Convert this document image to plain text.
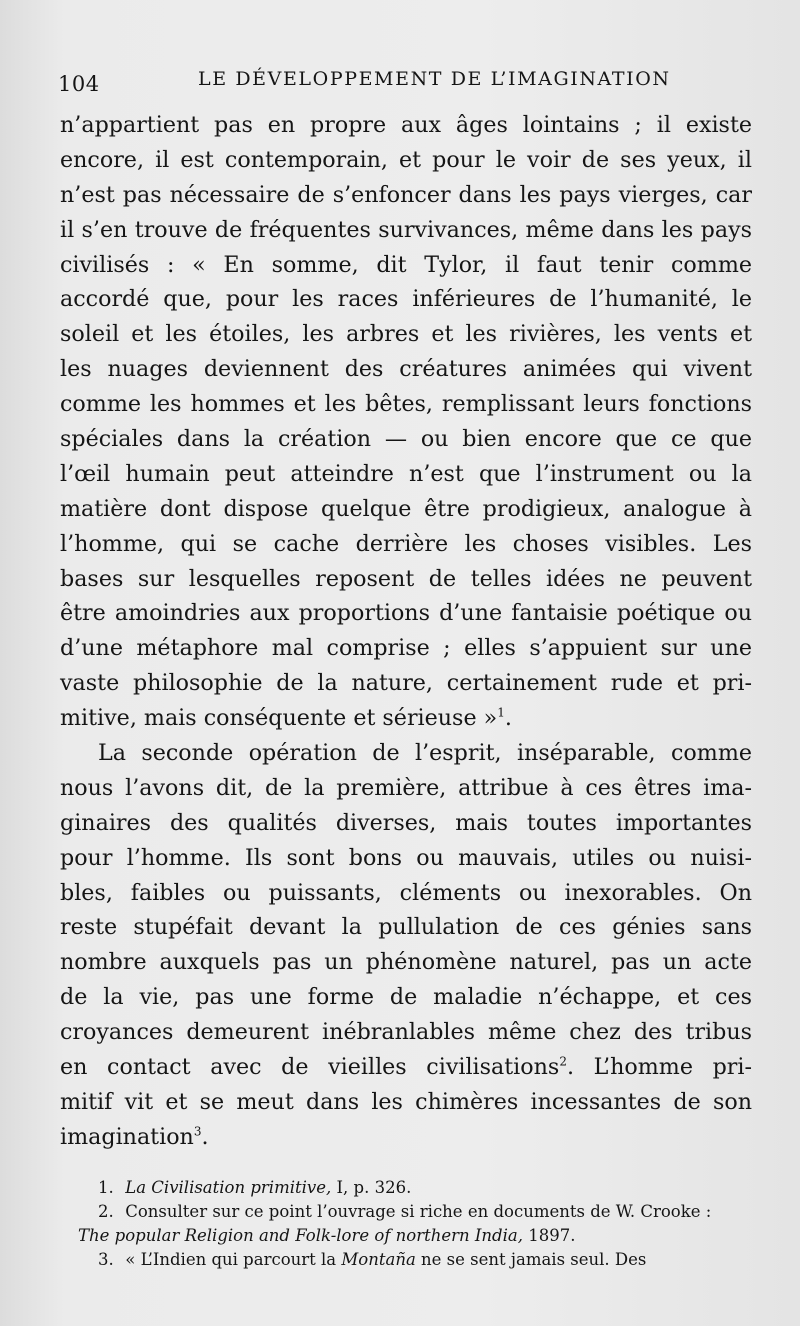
104	LE DÉVELOPPEMENT DE L’IMAGINATION
n’appartient pas en propre aux âges lointains ; il existe
encore, il est contemporain, et pour le voir de ses yeux, il
n’est pas nécessaire de s’enfoncer dans les pays vierges, car
il s’en trouve de fréquentes survivances, même dans les pays
civilisés : « En somme, dit Tylor, il faut tenir comme
accordé que, pour les races inférieures de l’humanité, le
soleil et les étoiles, les arbres et les rivières, les vents et
les nuages deviennent des créatures animées qui vivent
comme les hommes et les bêtes, remplissant leurs fonctions
spéciales dans la création — ou bien encore que ce que
l’œil humain peut atteindre n’est que l’instrument ou la
matière dont dispose quelque être prodigieux, analogue à
l’homme, qui se cache derrière les choses visibles. Les
bases sur lesquelles reposent de telles idées ne peuvent
être amoindries aux proportions d’une fantaisie poétique ou
d’une métaphore mal comprise ; elles s’appuient sur une
vaste philosophie de la nature, certainement rude et pri-
mitive, mais conséquente et sérieuse »$^1$.
La seconde opération de l’esprit, inséparable, comme
nous l’avons dit, de la première, attribue à ces êtres ima-
ginaires des qualités diverses, mais toutes importantes
pour l’homme. Ils sont bons ou mauvais, utiles ou nuisi-
bles, faibles ou puissants, cléments ou inexorables. On
reste stupéfait devant la pullulation de ces génies sans
nombre auxquels pas un phénomène naturel, pas un acte
de la vie, pas une forme de maladie n’échappe, et ces
croyances demeurent inébranlables même chez des tribus
en contact avec de vieilles civilisations$^2$. L’homme pri-
mitif vit et se meut dans les chimères incessantes de son
imagination$^3$.
1. La Civilisation primitive, I, p. 326.
2. Consulter sur ce point l’ouvrage si riche en documents de W. Crooke :
The popular Religion and Folk-lore of northern India, 1897.
3. « L’Indien qui parcourt la Montaña ne se sent jamais seul. Des
